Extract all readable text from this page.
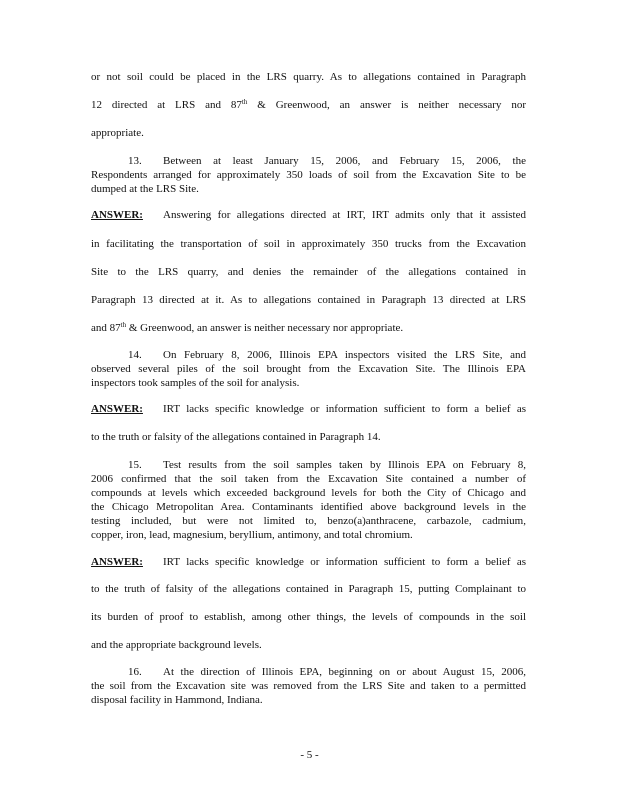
or not soil could be placed in the LRS quarry. As to allegations contained in Paragraph
12 directed at LRS and 87th & Greenwood, an answer is neither necessary nor
appropriate.
13. Between at least January 15, 2006, and February 15, 2006, the
Respondents arranged for approximately 350 loads of soil from the Excavation Site to be
dumped at the LRS Site.
ANSWER: Answering for allegations directed at IRT, IRT admits only that it assisted
in facilitating the transportation of soil in approximately 350 trucks from the Excavation
Site to the LRS quarry, and denies the remainder of the allegations contained in
Paragraph 13 directed at it. As to allegations contained in Paragraph 13 directed at LRS
and 87th & Greenwood, an answer is neither necessary nor appropriate.
14. On February 8, 2006, Illinois EPA inspectors visited the LRS Site, and
observed several piles of the soil brought from the Excavation Site. The Illinois EPA
inspectors took samples of the soil for analysis.
ANSWER: IRT lacks specific knowledge or information sufficient to form a belief as
to the truth or falsity of the allegations contained in Paragraph 14.
15. Test results from the soil samples taken by Illinois EPA on February 8,
2006 confirmed that the soil taken from the Excavation Site contained a number of
compounds at levels which exceeded background levels for both the City of Chicago and
the Chicago Metropolitan Area. Contaminants identified above background levels in the
testing included, but were not limited to, benzo(a)anthracene, carbazole, cadmium,
copper, iron, lead, magnesium, beryllium, antimony, and total chromium.
ANSWER: IRT lacks specific knowledge or information sufficient to form a belief as
to the truth of falsity of the allegations contained in Paragraph 15, putting Complainant to
its burden of proof to establish, among other things, the levels of compounds in the soil
and the appropriate background levels.
16. At the direction of Illinois EPA, beginning on or about August 15, 2006,
the soil from the Excavation site was removed from the LRS Site and taken to a permitted
disposal facility in Hammond, Indiana.
- 5 -
